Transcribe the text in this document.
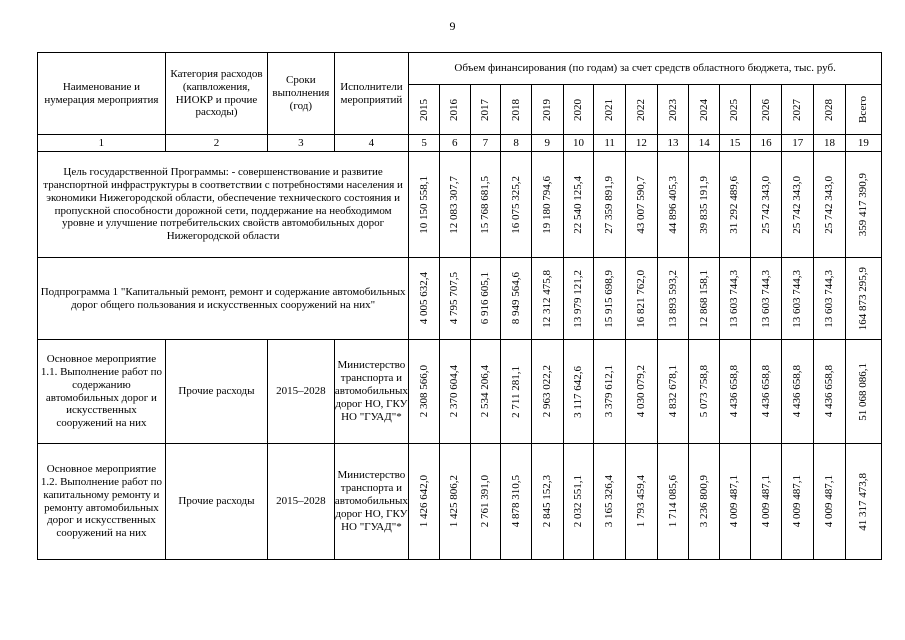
9
Наименование и нумерация мероприятия	Категория расходов (капвложения, НИОКР и прочие расходы)	Сроки выполнения (год)	Исполнители мероприятий	Объем финансирования (по годам) за счет средств областного бюджета, тыс. руб.														

				2015	2016	2017	2018	2019	2020	2021	2022	2023	2024	2025	2026	2027	2028	Всего

1	2	3	4	5	6	7	8	9	10	11	12	13	14	15	16	17	18	19
Цель государственной Программы: - совершенствование и развитие транспортной инфраструктуры в соответствии с потребностями населения и экономики Нижегородской области, обеспечение технического состояния и пропускной способности дорожной сети, поддержание на необходимом уровне и улучшение потребительских свойств автомобильных дорог Нижегородской области				10 150 558,1	12 083 307,7	15 768 681,5	16 075 325,2	19 180 794,6	22 540 125,4	27 359 891,9	43 007 590,7	44 896 405,3	39 835 191,9	31 292 489,6	25 742 343,0	25 742 343,0	25 742 343,0	359 417 390,9

Подпрограмма 1 "Капитальный ремонт, ремонт и содержание автомобильных дорог общего пользования и искусственных сооружений на них"				4 005 632,4	4 795 707,5	6 916 605,1	8 949 564,6	12 312 475,8	13 979 121,2	15 915 698,9	16 821 762,0	13 893 593,2	12 868 158,1	13 603 744,3	13 603 744,3	13 603 744,3	13 603 744,3	164 873 295,9

Основное мероприятие 1.1. Выполнение работ по содержанию автомобильных дорог и искусственных сооружений на них	Прочие расходы	2015–2028	Министерство транспорта и автомобильных дорог НО, ГКУ НО "ГУАД"*	2 308 566,0	2 370 604,4	2 534 206,4	2 711 281,1	2 963 022,2	3 117 642,6	3 379 612,1	4 030 079,2	4 832 678,1	5 073 758,8	4 436 658,8	4 436 658,8	4 436 658,8	4 436 658,8	51 068 086,1

Основное мероприятие 1.2. Выполнение работ по капитальному ремонту и ремонту автомобильных дорог и искусственных сооружений на них	Прочие расходы	2015–2028	Министерство транспорта и автомобильных дорог НО, ГКУ НО "ГУАД"*	1 426 642,0	1 425 806,2	2 761 391,0	4 878 310,5	2 845 152,3	2 032 551,1	3 165 326,4	1 793 459,4	1 714 085,6	3 236 800,9	4 009 487,1	4 009 487,1	4 009 487,1	4 009 487,1	41 317 473,8
